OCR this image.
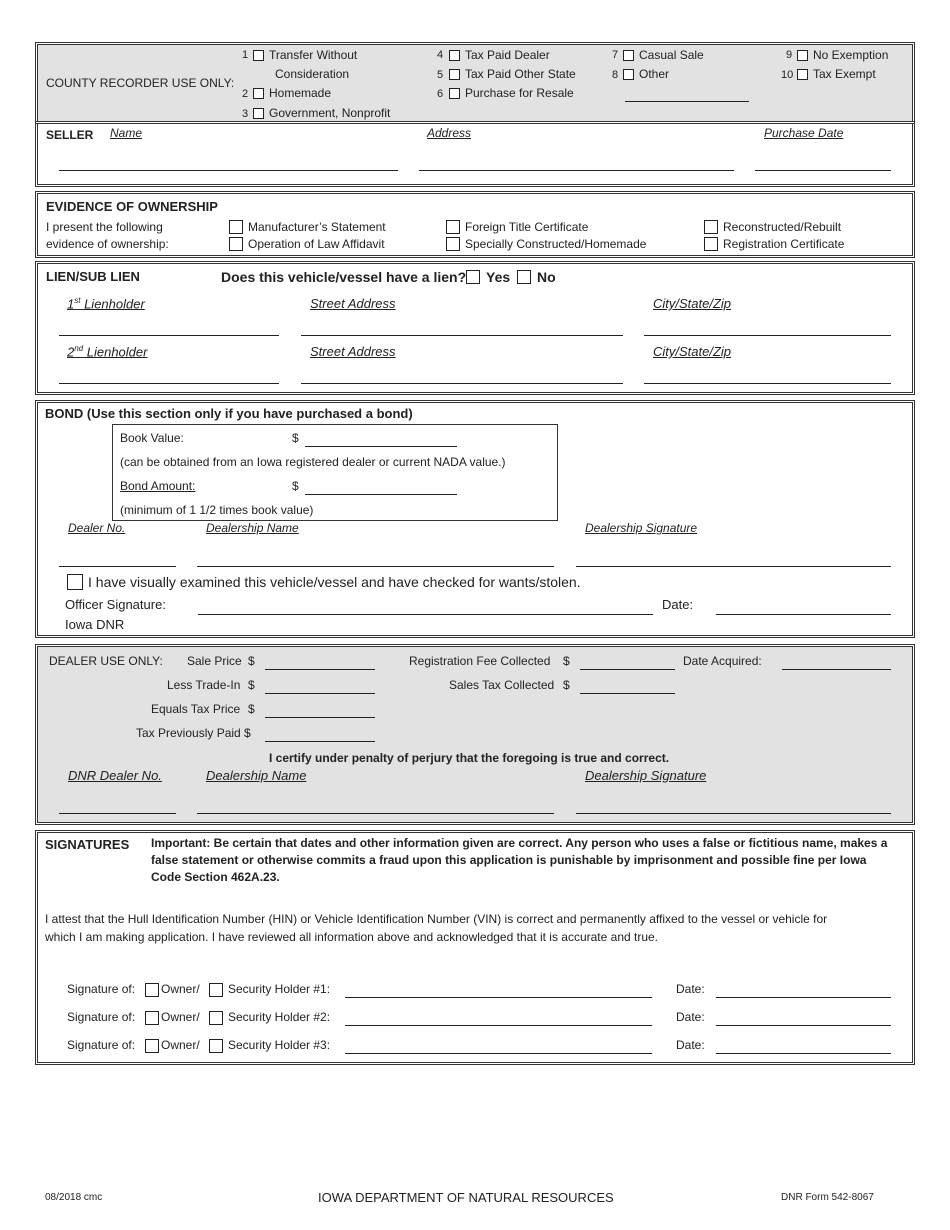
COUNTY RECORDER USE ONLY:
1 Transfer Without
Consideration
2 Homemade
3 Government, Nonprofit
4 Tax Paid Dealer
5 Tax Paid Other State
6 Purchase for Resale
7 Casual Sale
8 Other
9 No Exemption
10 Tax Exempt
SELLER Name	Address	Purchase Date
EVIDENCE OF OWNERSHIP
I present the following
evidence of ownership:
Manufacturer’s Statement
Operation of Law Affidavit
Foreign Title Certificate
Specially Constructed/Homemade
Reconstructed/Rebuilt
Registration Certificate
LIEN/SUB LIEN	Does this vehicle/vessel have a lien? Yes No
1st Lienholder	Street Address	City/State/Zip
2nd Lienholder	Street Address	City/State/Zip
BOND (Use this section only if you have purchased a bond)
Book Value:	$
(can be obtained from an Iowa registered dealer or current NADA value.)
Bond Amount:	$
(minimum of 1 1/2 times book value)
Dealer No.	Dealership Name	Dealership Signature
I have visually examined this vehicle/vessel and have checked for wants/stolen.
Officer Signature:	Date:
Iowa DNR
DEALER USE ONLY: Sale Price $
Less Trade-In $
Equals Tax Price $
Tax Previously Paid $
Registration Fee Collected $
Sales Tax Collected $
Date Acquired:
I certify under penalty of perjury that the foregoing is true and correct.
DNR Dealer No.	Dealership Name	Dealership Signature
SIGNATURES Important: Be certain that dates and other information given are correct. Any person who uses a false or fictitious name, makes a
false statement or otherwise commits a fraud upon this application is punishable by imprisonment and possible fine per Iowa
Code Section 462A.23.
I attest that the Hull Identification Number (HIN) or Vehicle Identification Number (VIN) is correct and permanently affixed to the vessel or vehicle for
which I am making application. I have reviewed all information above and acknowledged that it is accurate and true.
Signature of: Owner/ Security Holder #1:	Date:
Signature of: Owner/ Security Holder #2:	Date:
Signature of: Owner/ Security Holder #3:	Date:
08/2018 cmc	IOWA DEPARTMENT OF NATURAL RESOURCES	DNR Form 542-8067
